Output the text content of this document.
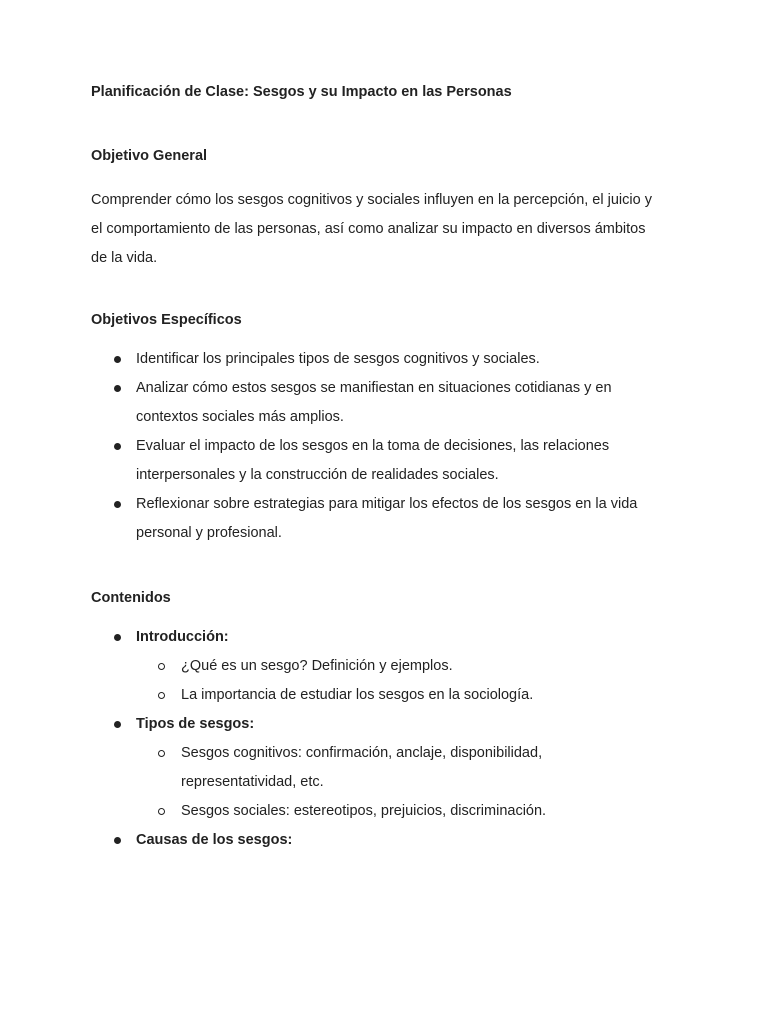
Planificación de Clase: Sesgos y su Impacto en las Personas
Objetivo General

Comprender cómo los sesgos cognitivos y sociales influyen en la percepción, el juicio y
el comportamiento de las personas, así como analizar su impacto en diversos ámbitos
de la vida.

Objetivos Específicos
Identificar los principales tipos de sesgos cognitivos y sociales.
Analizar cómo estos sesgos se manifiestan en situaciones cotidianas y en
contextos sociales más amplios.
Evaluar el impacto de los sesgos en la toma de decisiones, las relaciones
interpersonales y la construcción de realidades sociales.
Reflexionar sobre estrategias para mitigar los efectos de los sesgos en la vida
personal y profesional.
Contenidos
Introducción:
¿Qué es un sesgo? Definición y ejemplos.
La importancia de estudiar los sesgos en la sociología.
Tipos de sesgos:
Sesgos cognitivos: confirmación, anclaje, disponibilidad,
representatividad, etc.
Sesgos sociales: estereotipos, prejuicios, discriminación.
Causas de los sesgos:
